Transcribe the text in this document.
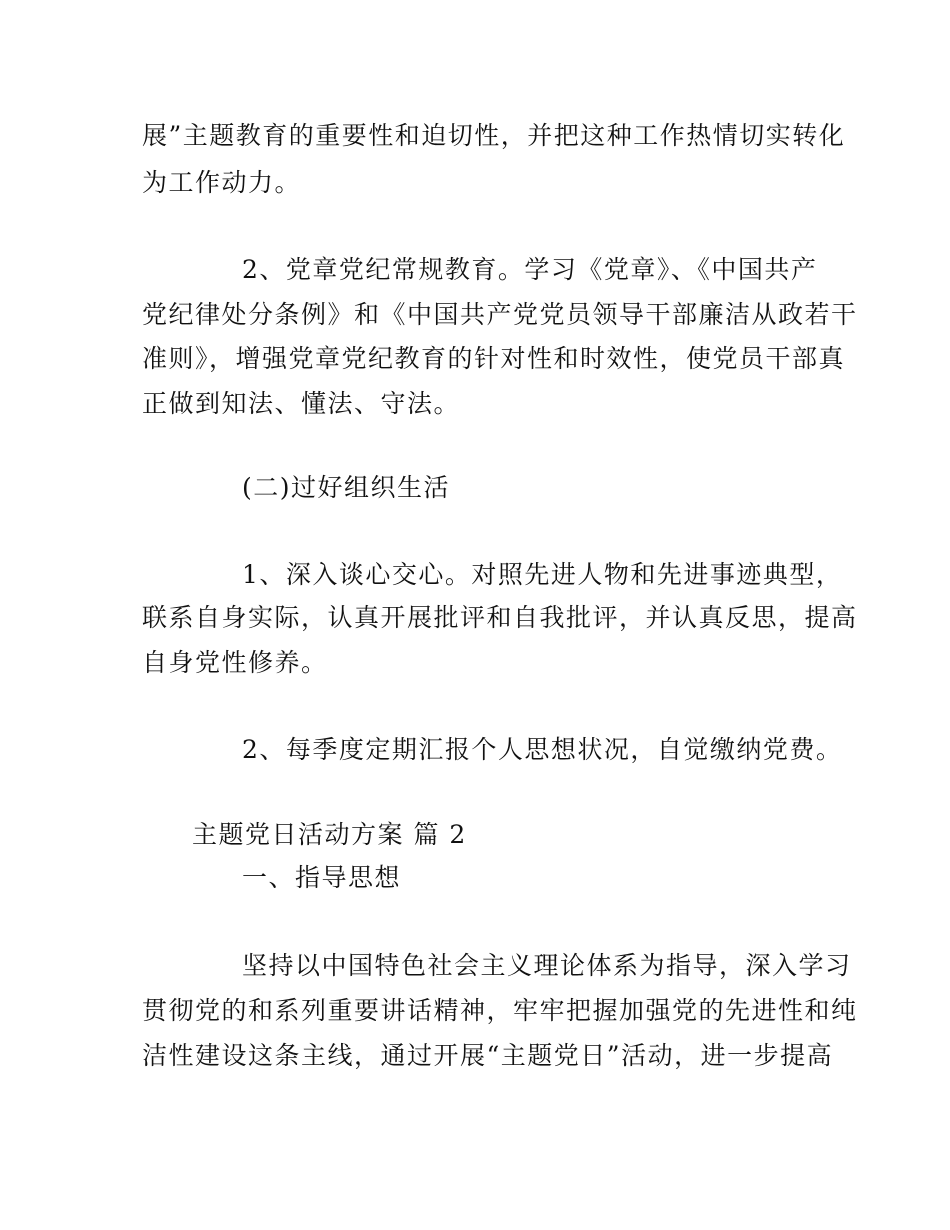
展”主题教育的重要性和迫切性，并把这种工作热情切实转化
为工作动力。
2、党章党纪常规教育。学习《党章》、《中国共产
党纪律处分条例》和《中国共产党党员领导干部廉洁从政若干
准则》，增强党章党纪教育的针对性和时效性，使党员干部真
正做到知法、懂法、守法。
(二)过好组织生活
1、深入谈心交心。对照先进人物和先进事迹典型，
联系自身实际，认真开展批评和自我批评，并认真反思，提高
自身党性修养。
2、每季度定期汇报个人思想状况，自觉缴纳党费。
主题党日活动方案 篇 2
一、指导思想
坚持以中国特色社会主义理论体系为指导，深入学习
贯彻党的和系列重要讲话精神，牢牢把握加强党的先进性和纯
洁性建设这条主线，通过开展“主题党日”活动，进一步提高
